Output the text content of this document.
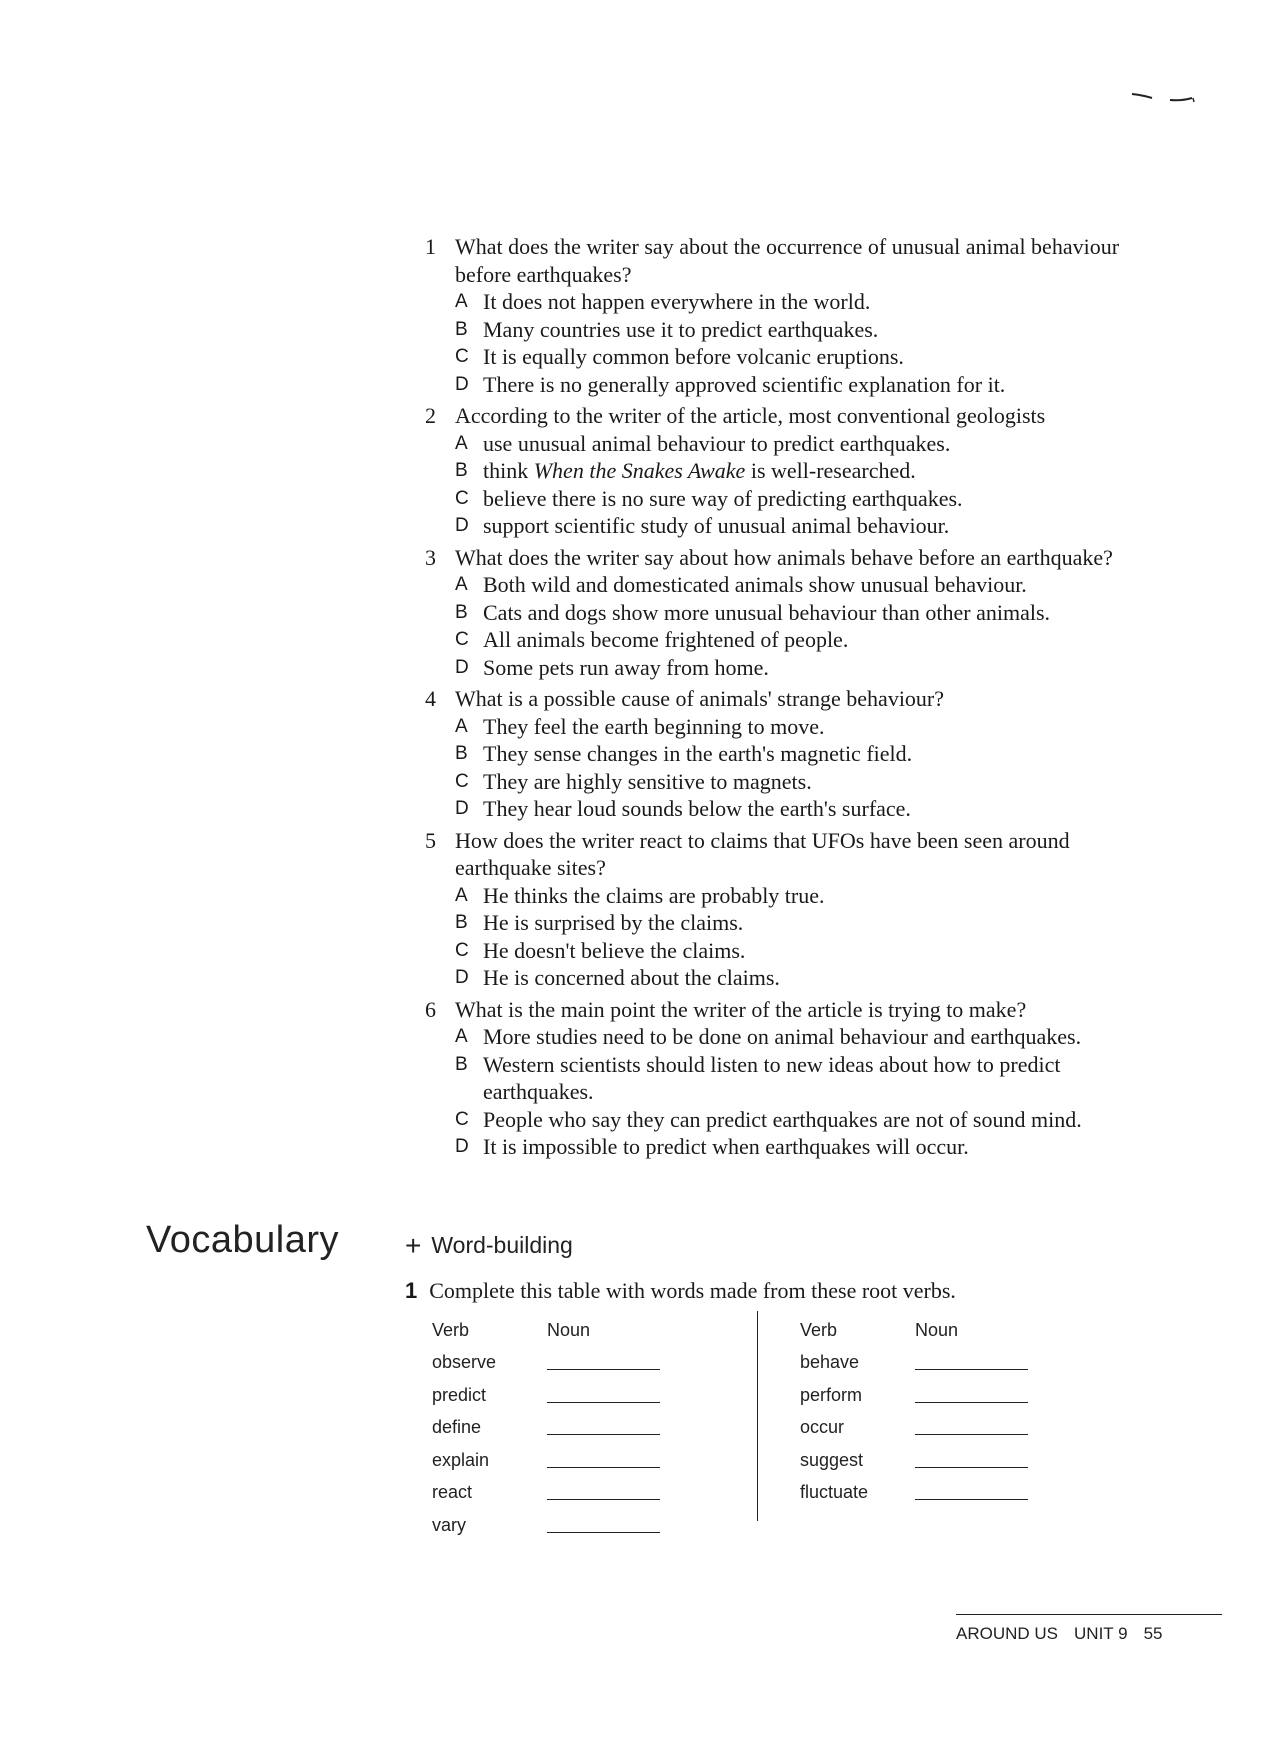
1 What does the writer say about the occurrence of unusual animal behaviour before earthquakes?
A It does not happen everywhere in the world.
B Many countries use it to predict earthquakes.
C It is equally common before volcanic eruptions.
D There is no generally approved scientific explanation for it.
2 According to the writer of the article, most conventional geologists
A use unusual animal behaviour to predict earthquakes.
B think When the Snakes Awake is well-researched.
C believe there is no sure way of predicting earthquakes.
D support scientific study of unusual animal behaviour.
3 What does the writer say about how animals behave before an earthquake?
A Both wild and domesticated animals show unusual behaviour.
B Cats and dogs show more unusual behaviour than other animals.
C All animals become frightened of people.
D Some pets run away from home.
4 What is a possible cause of animals' strange behaviour?
A They feel the earth beginning to move.
B They sense changes in the earth's magnetic field.
C They are highly sensitive to magnets.
D They hear loud sounds below the earth's surface.
5 How does the writer react to claims that UFOs have been seen around earthquake sites?
A He thinks the claims are probably true.
B He is surprised by the claims.
C He doesn't believe the claims.
D He is concerned about the claims.
6 What is the main point the writer of the article is trying to make?
A More studies need to be done on animal behaviour and earthquakes.
B Western scientists should listen to new ideas about how to predict earthquakes.
C People who say they can predict earthquakes are not of sound mind.
D It is impossible to predict when earthquakes will occur.
Vocabulary + Word-building
1 Complete this table with words made from these root verbs.
Verb	Noun
observe
predict
define
explain
react
vary
Verb	Noun
behave
perform
occur
suggest
fluctuate
AROUND US UNIT 9 55
